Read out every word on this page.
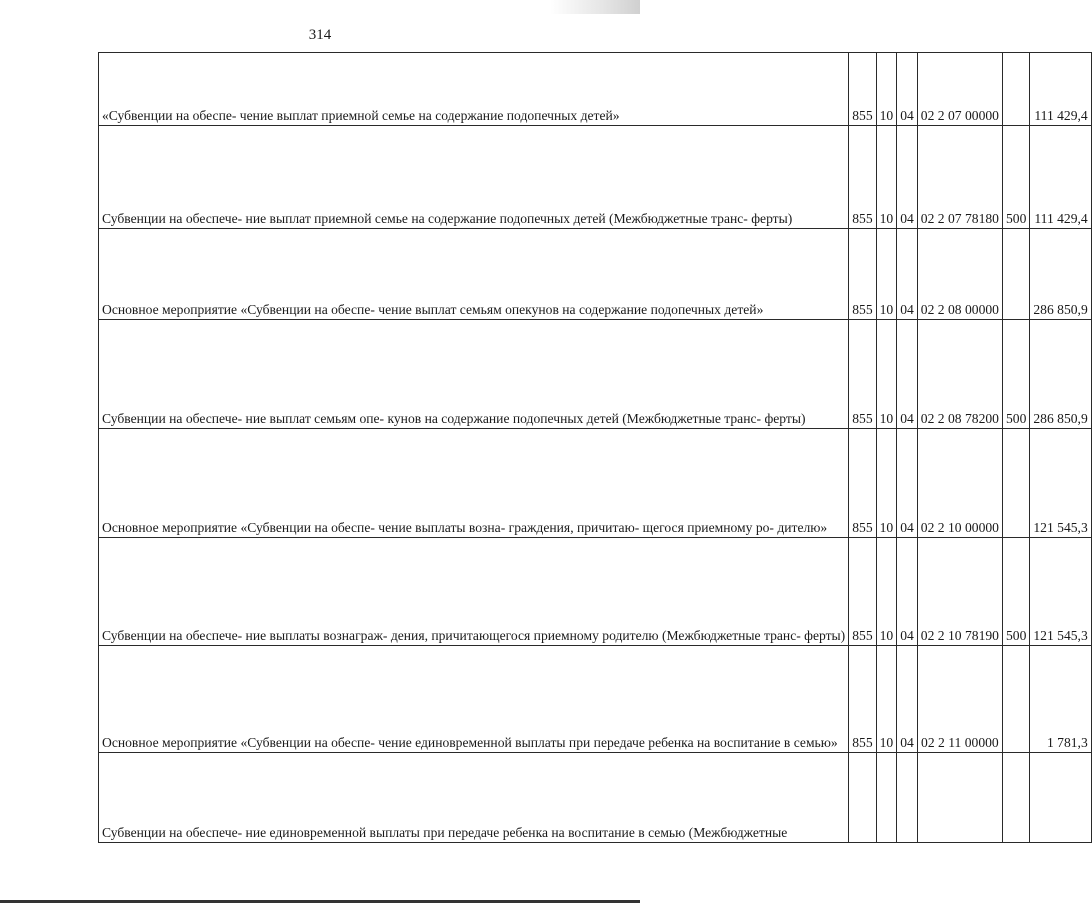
314
«Субвенции на обеспе- чение выплат приемной семье на содержание подопечных детей»	855	10	04	02 2 07 00000		111 429,4
Субвенции на обеспече- ние выплат приемной семье на содержание подопечных детей (Межбюджетные транс- ферты)	855	10	04	02 2 07 78180	500	111 429,4
Основное мероприятие «Субвенции на обеспе- чение выплат семьям опекунов на содержание подопечных детей»	855	10	04	02 2 08 00000		286 850,9
Субвенции на обеспече- ние выплат семьям опе- кунов на содержание подопечных детей (Межбюджетные транс- ферты)	855	10	04	02 2 08 78200	500	286 850,9
Основное мероприятие «Субвенции на обеспе- чение выплаты возна- граждения, причитаю- щегося приемному ро- дителю»	855	10	04	02 2 10 00000		121 545,3
Субвенции на обеспече- ние выплаты вознаграж- дения, причитающегося приемному родителю (Межбюджетные транс- ферты)	855	10	04	02 2 10 78190	500	121 545,3
Основное мероприятие «Субвенции на обеспе- чение единовременной выплаты при передаче ребенка на воспитание в семью»	855	10	04	02 2 11 00000		1 781,3
Субвенции на обеспече- ние единовременной выплаты при передаче ребенка на воспитание в семью (Межбюджетные						
